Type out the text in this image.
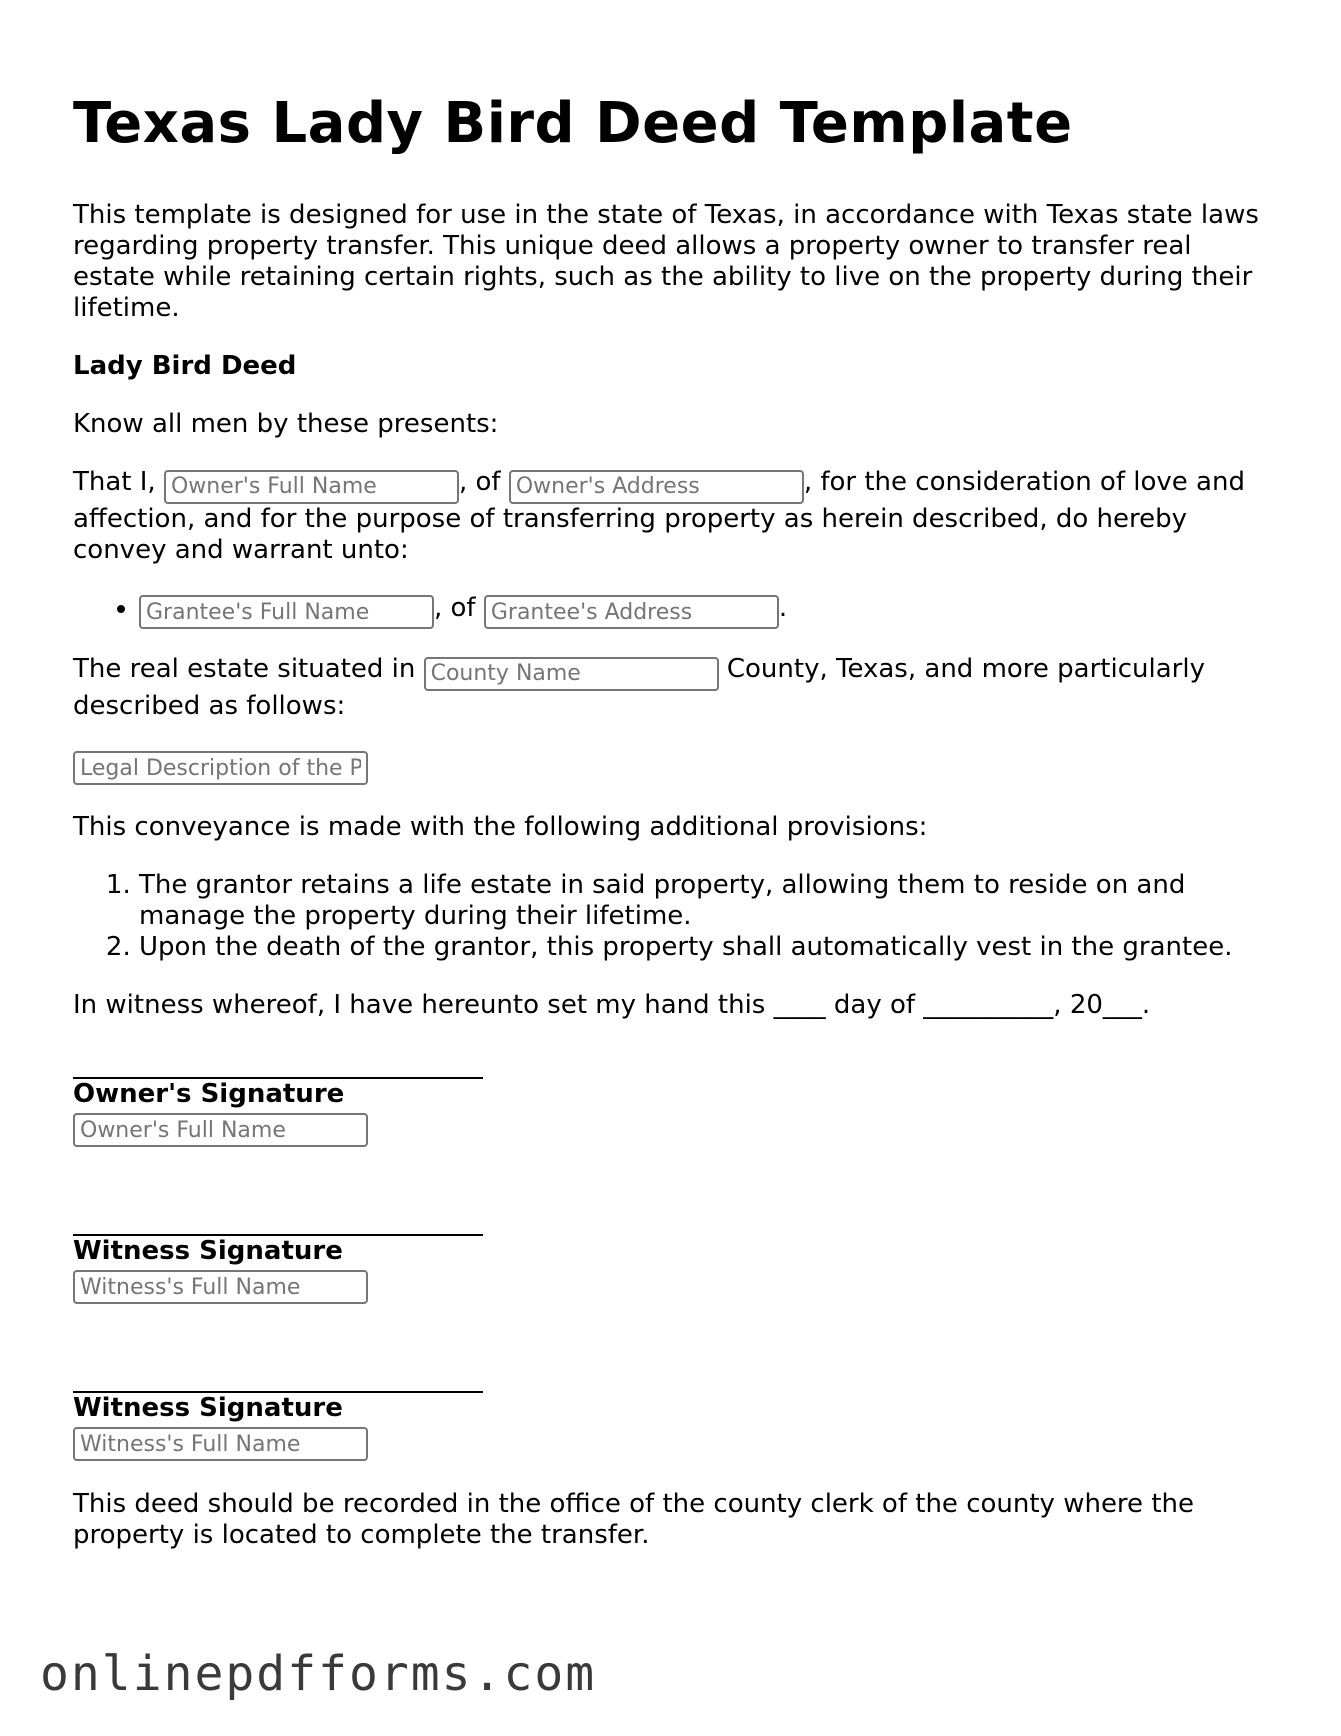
Texas Lady Bird Deed Template

This template is designed for use in the state of Texas, in accordance with Texas state laws regarding property transfer. This unique deed allows a property owner to transfer real estate while retaining certain rights, such as the ability to live on the property during their lifetime.

Lady Bird Deed

Know all men by these presents:

That I, Owner's Full Name	, of Owner's Address	, for the consideration of love and affection, and for the purpose of transferring property as herein described, do hereby convey and warrant unto:

Grantee's Full Name • , of Grantee's Address	.

The real estate situated in County Name	County, Texas, and more particularly described as follows:

Legal Description of the Property

This conveyance is made with the following additional provisions:

1. The grantor retains a life estate in said property, allowing them to reside on and manage the property during their lifetime.
2. Upon the death of the grantor, this property shall automatically vest in the grantee.

In witness whereof, I have hereunto set my hand this ____ day of __________, 20___.

Owner's Signature
Owner's Full Name
Witness Signature
Witness's Full Name
Witness Signature
Witness's Full Name

This deed should be recorded in the office of the county clerk of the county where the property is located to complete the transfer.

onlinepdfforms.com
